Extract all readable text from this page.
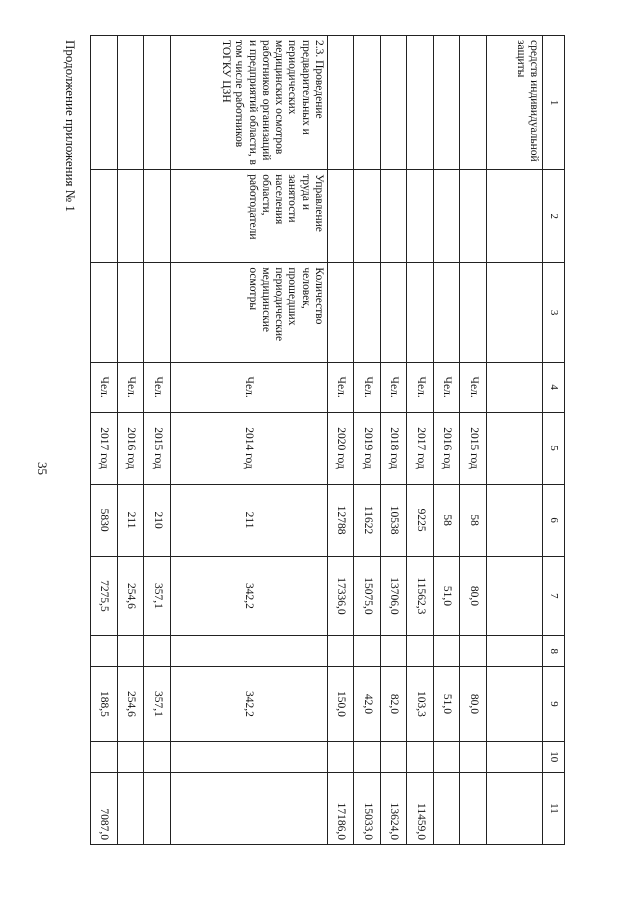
35
Продолжение приложения № 1	1	2	3	4	5	6	7	8	9	10	11
средств индивидуальной защиты										
			Чел.	2015 год	58	80,0		80,0		
			Чел.	2016 год	58	51,0		51,0		
			Чел.	2017 год	9225	11562,3		103,3		11459,0
			Чел.	2018 год	10538	13706,0		82,0		13624,0
			Чел.	2019 год	11622	15075,0		42,0		15033,0
			Чел.	2020 год	12788	17336,0		150,0		17186,0
2.3. Проведение предварительных и периодических медицинских осмотров работников организаций и предприятий области, в том числе работников ТОГКУ ЦЗН	Управление труда и занятости населения области, работодатели	Количество человек, прошедших периодические медицинские осмотры	Чел.	2014 год	211	342,2		342,2		
			Чел.	2015 год	210	357,1		357,1		
			Чел.	2016 год	211	254,6		254,6		
			Чел.	2017 год	5830	7275,5		188,5		7087,0
